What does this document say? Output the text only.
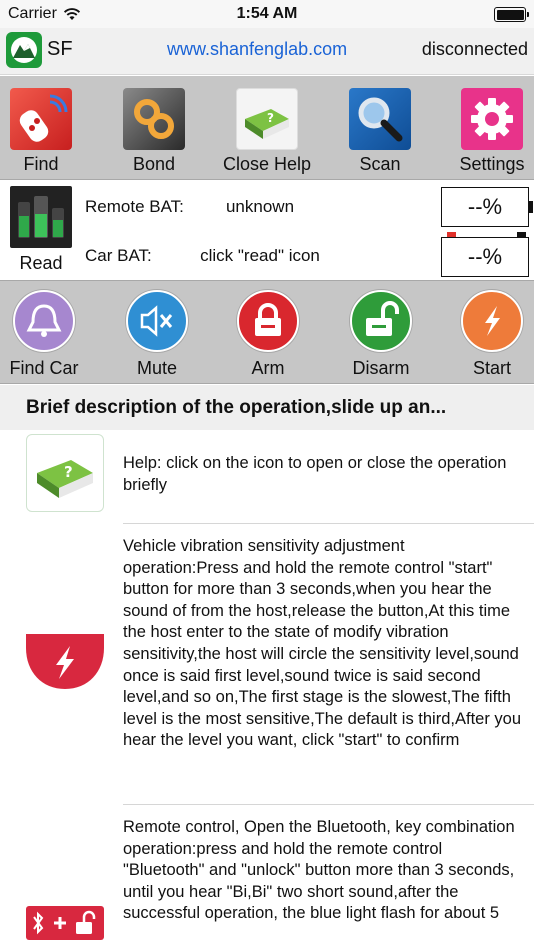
Carrier	1:54 AM
SF	www.shanfenglab.com	disconnected
Find	Bond
?
Close Help	Scan	Settings
Read
Remote BAT:	unknown	--%
Car BAT:	click "read" icon	--%
Find Car	Mute	Arm	Disarm	Start
Brief description of the operation,slide up an...
?	Help: click on the icon to open or close the operation briefly
Vehicle vibration sensitivity adjustment operation:Press and hold the remote control "start" button for more than 3 seconds,when you hear the sound of from the host,release the button,At this time the host enter to the state of modify vibration sensitivity,the host will circle the sensitivity level,sound once is said first level,sound twice is said second level,and so on,The first stage is the slowest,The fifth level is the most sensitive,The default is third,After you hear the level you want, click "start" to confirm
Remote control, Open the Bluetooth, key combination operation:press and hold the remote control "Bluetooth" and "unlock" button more than 3 seconds, until you hear "Bi,Bi" two short sound,after the successful operation, the blue light flash for about 5
